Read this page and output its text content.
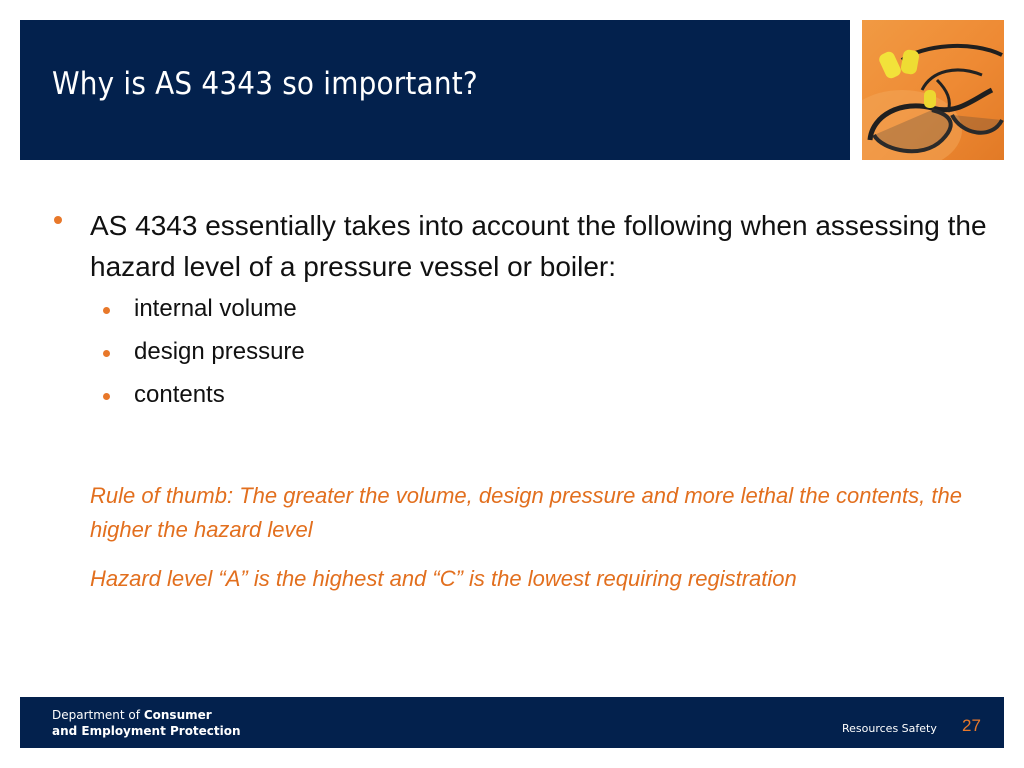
Why is AS 4343 so important?
AS 4343 essentially takes into account the following when assessing the hazard level of a pressure vessel or boiler:
internal volume
design pressure
contents
Rule of thumb: The greater the volume, design pressure and more lethal the contents, the higher the hazard level
Hazard level “A” is the highest and “C” is the lowest requiring registration
Department of Consumer
and Employment Protection	Resources Safety 27
